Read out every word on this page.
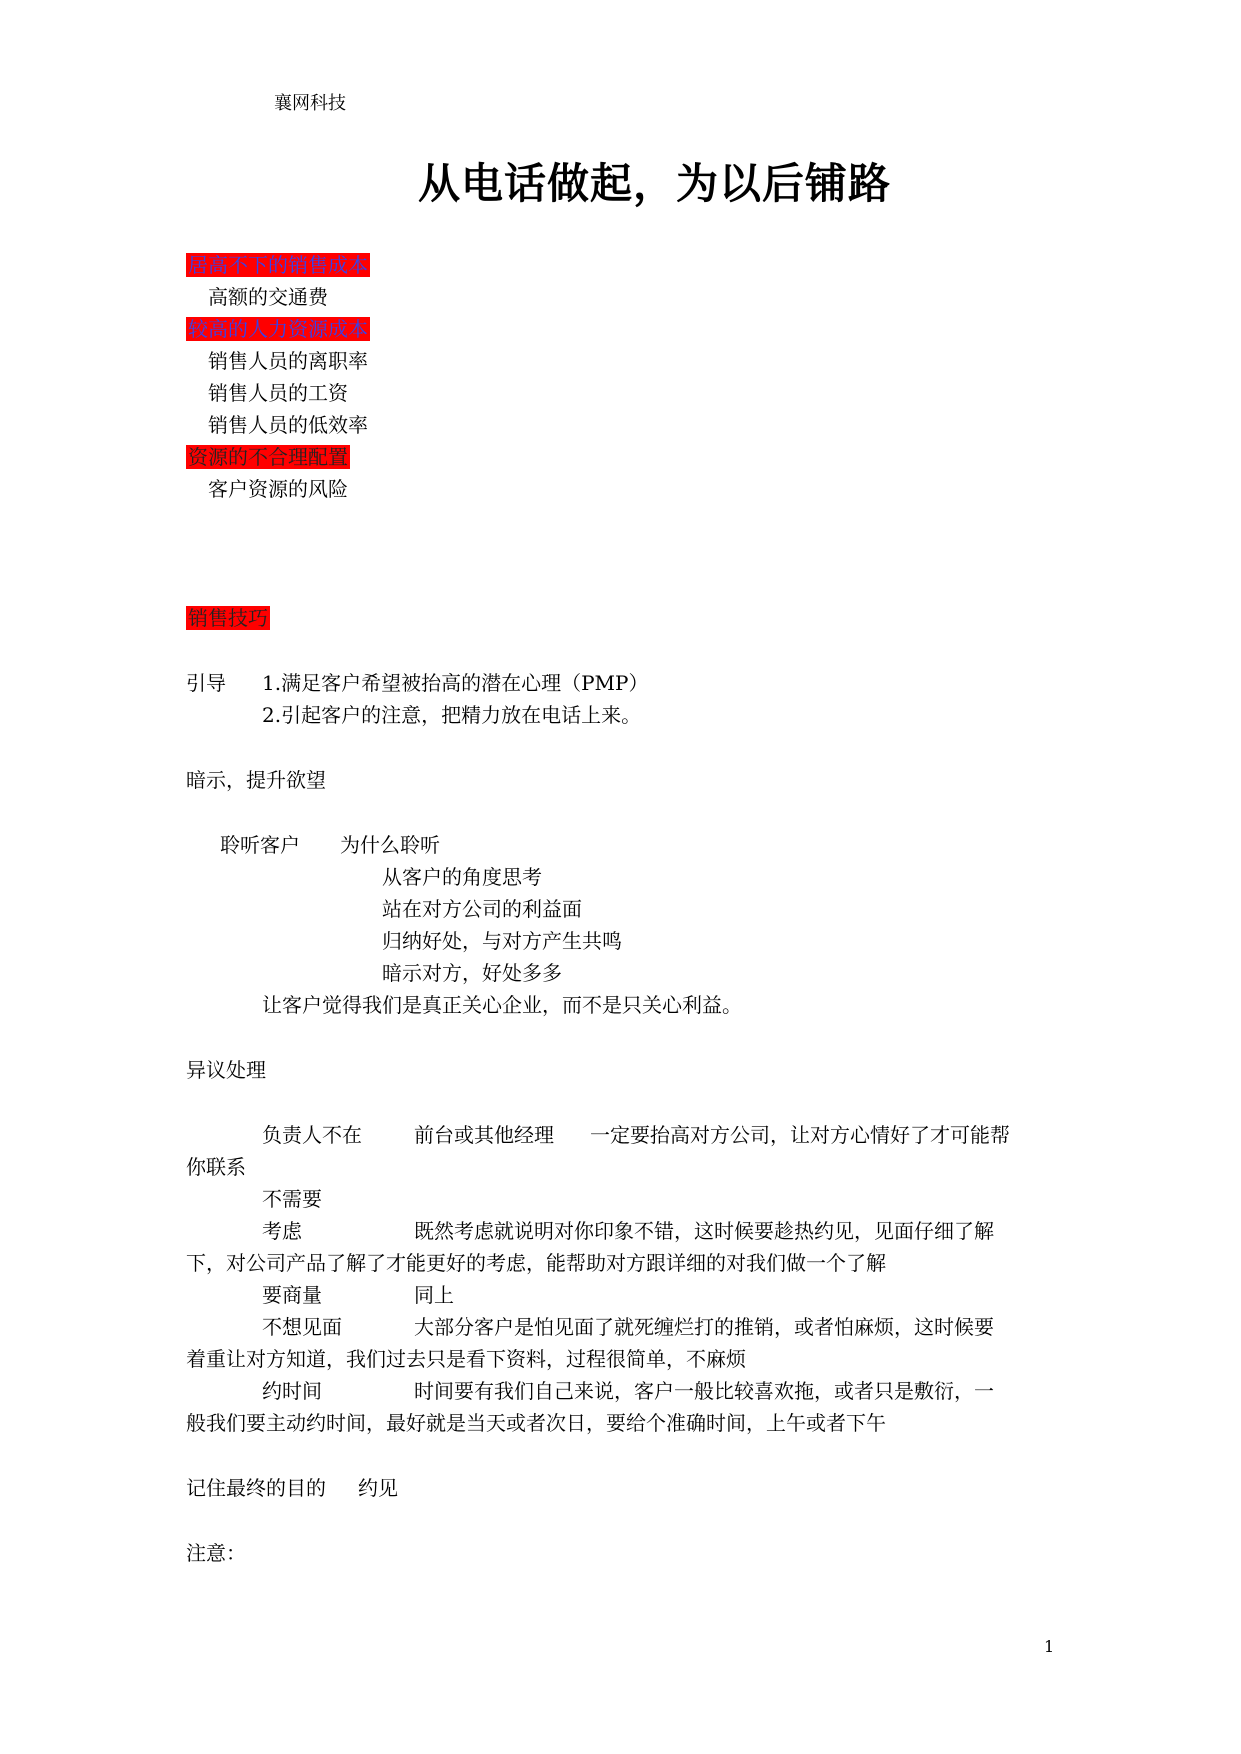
襄网科技
从电话做起，为以后铺路
居高不下的销售成本
高额的交通费
较高的人力资源成本
销售人员的离职率
销售人员的工资
销售人员的低效率
资源的不合理配置
客户资源的风险
销售技巧
引导 1.满足客户希望被抬高的潜在心理（PMP）
2.引起客户的注意，把精力放在电话上来。
暗示，提升欲望
聆听客户 为什么聆听
从客户的角度思考
站在对方公司的利益面
归纳好处，与对方产生共鸣
暗示对方，好处多多
让客户觉得我们是真正关心企业，而不是只关心利益。
异议处理
负责人不在	前台或其他经理 一定要抬高对方公司，让对方心情好了才可能帮
你联系
不需要
考虑	既然考虑就说明对你印象不错，这时候要趁热约见，见面仔细了解
下，对公司产品了解了才能更好的考虑，能帮助对方跟详细的对我们做一个了解
要商量	同上
不想见面	大部分客户是怕见面了就死缠烂打的推销，或者怕麻烦，这时候要
着重让对方知道，我们过去只是看下资料，过程很简单，不麻烦
约时间	时间要有我们自己来说，客户一般比较喜欢拖，或者只是敷衍，一
般我们要主动约时间，最好就是当天或者次日，要给个准确时间，上午或者下午
记住最终的目的 约见
注意：
1
